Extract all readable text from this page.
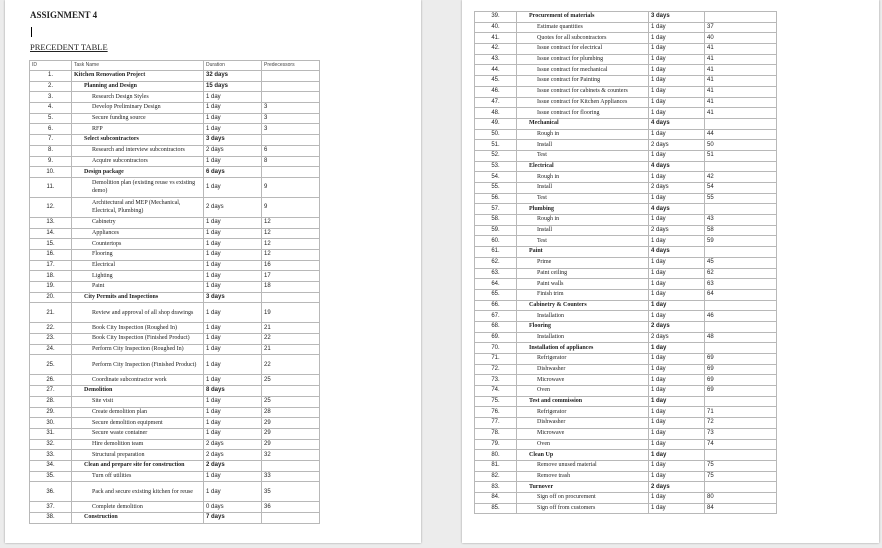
ASSIGNMENT 4

PRECEDENT TABLE

ID	Task Name	Duration	Predecessors
1.	Kitchen Renovation Project	32 days	
2.	Planning and Design	15 days	
3.	Research Design Styles	1 day	
4.	Develop Preliminary Design	1 day	3
5.	Secure funding source	1 day	3
6.	RFP	1 day	3
7.	Select subcontractors	3 days	
8.	Research and interview subcontractors	2 days	6
9.	Acquire subcontractors	1 day	8
10.	Design package	6 days	
11.	Demolition plan (existing reuse vs existing demo)	1 day	9
12.	Architectural and MEP (Mechanical, Electrical, Plumbing)	2 days	9
13.	Cabinetry	1 day	12
14.	Appliances	1 day	12
15.	Countertops	1 day	12
16.	Flooring	1 day	12
17.	Electrical	1 day	16
18.	Lighting	1 day	17
19.	Paint	1 day	18
20.	City Permits and Inspections	3 days	
21.	Review and approval of all shop drawings	1 day	19
22.	Book City Inspection (Roughed In)	1 day	21
23.	Book City Inspection (Finished Product)	1 day	22
24.	Perform City Inspection (Roughed In)	1 day	21
25.	Perform City Inspection (Finished Product)	1 day	22
26.	Coordinate subcontractor work	1 day	25
27.	Demolition	8 days	
28.	Site visit	1 day	25
29.	Create demolition plan	1 day	28
30.	Secure demolition equipment	1 day	29
31.	Secure waste container	1 day	29
32.	Hire demolition team	2 days	29
33.	Structural preparation	2 days	32
34.	Clean and prepare site for construction	2 days	
35.	Turn off utilities	1 day	33
36.	Pack and secure existing kitchen for reuse	1 day	35
37.	Complete demolition	0 days	36
38.	Construction	7 days	
39.	Procurement of materials	3 days	
40.	Estimate quantities	1 day	37
41.	Quotes for all subcontractors	1 day	40
42.	Issue contract for electrical	1 day	41
43.	Issue contract for plumbing	1 day	41
44.	Issue contract for mechanical	1 day	41
45.	Issue contract for Painting	1 day	41
46.	Issue contract for cabinets & counters	1 day	41
47.	Issue contract for Kitchen Appliances	1 day	41
48.	Issue contract for flooring	1 day	41
49.	Mechanical	4 days	
50.	Rough in	1 day	44
51.	Install	2 days	50
52.	Test	1 day	51
53.	Electrical	4 days	
54.	Rough in	1 day	42
55.	Install	2 days	54
56.	Test	1 day	55
57.	Plumbing	4 days	
58.	Rough in	1 day	43
59.	Install	2 days	58
60.	Test	1 day	59
61.	Paint	4 days	
62.	Prime	1 day	45
63.	Paint ceiling	1 day	62
64.	Paint walls	1 day	63
65.	Finish trim	1 day	64
66.	Cabinetry & Counters	1 day	
67.	Installation	1 day	46
68.	Flooring	2 days	
69.	Installation	2 days	48
70.	Installation of appliances	1 day	
71.	Refrigerator	1 day	69
72.	Dishwasher	1 day	69
73.	Microwave	1 day	69
74.	Oven	1 day	69
75.	Test and commission	1 day	
76.	Refrigerator	1 day	71
77.	Dishwasher	1 day	72
78.	Microwave	1 day	73
79.	Oven	1 day	74
80.	Clean Up	1 day	
81.	Remove unused material	1 day	75
82.	Remove trash	1 day	75
83.	Turnover	2 days	
84.	Sign off on procurement	1 day	80
85.	Sign off from customers	1 day	84
